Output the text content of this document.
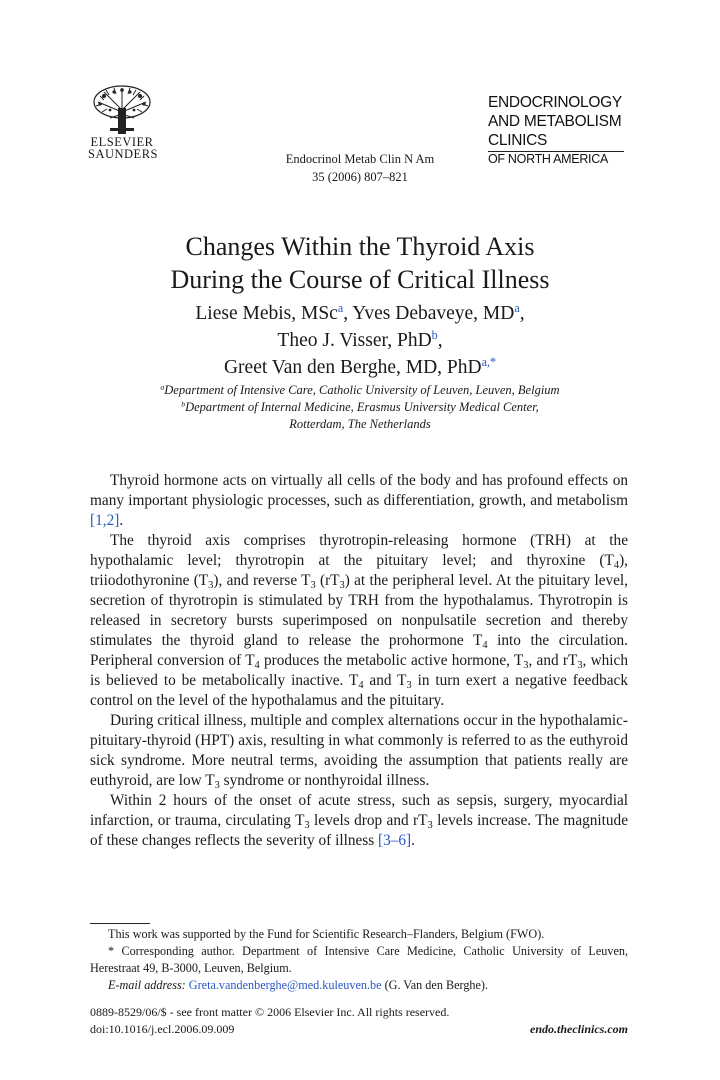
ELSEVIER
SAUNDERS	Endocrinol Metab Clin N Am
35 (2006) 807–821
ENDOCRINOLOGY
AND METABOLISM
CLINICS
OF NORTH AMERICA
Changes Within the Thyroid Axis
During the Course of Critical Illness
Liese Mebis, MSc$^a$, Yves Debaveye, MD$^a$,
Theo J. Visser, PhD$^b$,
Greet Van den Berghe, MD, PhD$^{a,*}$
$^a$Department of Intensive Care, Catholic University of Leuven, Leuven, Belgium
$^b$Department of Internal Medicine, Erasmus University Medical Center,
Rotterdam, The Netherlands

Thyroid hormone acts on virtually all cells of the body and has profound effects on many important physiologic processes, such as differentiation, growth, and metabolism [1,2].

The thyroid axis comprises thyrotropin-releasing hormone (TRH) at the hypothalamic level; thyrotropin at the pituitary level; and thyroxine $(T_4)$, triiodothyronine $(T_3)$, and reverse $T_3$ $(rT_3)$ at the peripheral level. At the pituitary level, secretion of thyrotropin is stimulated by TRH from the hypothalamus. Thyrotropin is released in secretory bursts superimposed on nonpulsatile secretion and thereby stimulates the thyroid gland to release the prohormone $T_4$ into the circulation. Peripheral conversion of $T_4$ produces the metabolic active hormone, $T_3$, and $rT_3$, which is believed to be metabolically inactive. $T_4$ and $T_3$ in turn exert a negative feedback control on the level of the hypothalamus and the pituitary.

During critical illness, multiple and complex alternations occur in the hypothalamic-pituitary-thyroid (HPT) axis, resulting in what commonly is referred to as the euthyroid sick syndrome. More neutral terms, avoiding the assumption that patients really are euthyroid, are low $T_3$ syndrome or nonthyroidal illness.

Within 2 hours of the onset of acute stress, such as sepsis, surgery, myocardial infarction, or trauma, circulating $T_3$ levels drop and $rT_3$ levels increase. The magnitude of these changes reflects the severity of illness [3–6].

This work was supported by the Fund for Scientific Research–Flanders, Belgium (FWO).

* Corresponding author. Department of Intensive Care Medicine, Catholic University of Leuven, Herestraat 49, B-3000, Leuven, Belgium.

E-mail address: Greta.vandenberghe@med.kuleuven.be (G. Van den Berghe).

0889-8529/06/$ - see front matter © 2006 Elsevier Inc. All rights reserved.
doi:10.1016/j.ecl.2006.09.009	endo.theclinics.com
